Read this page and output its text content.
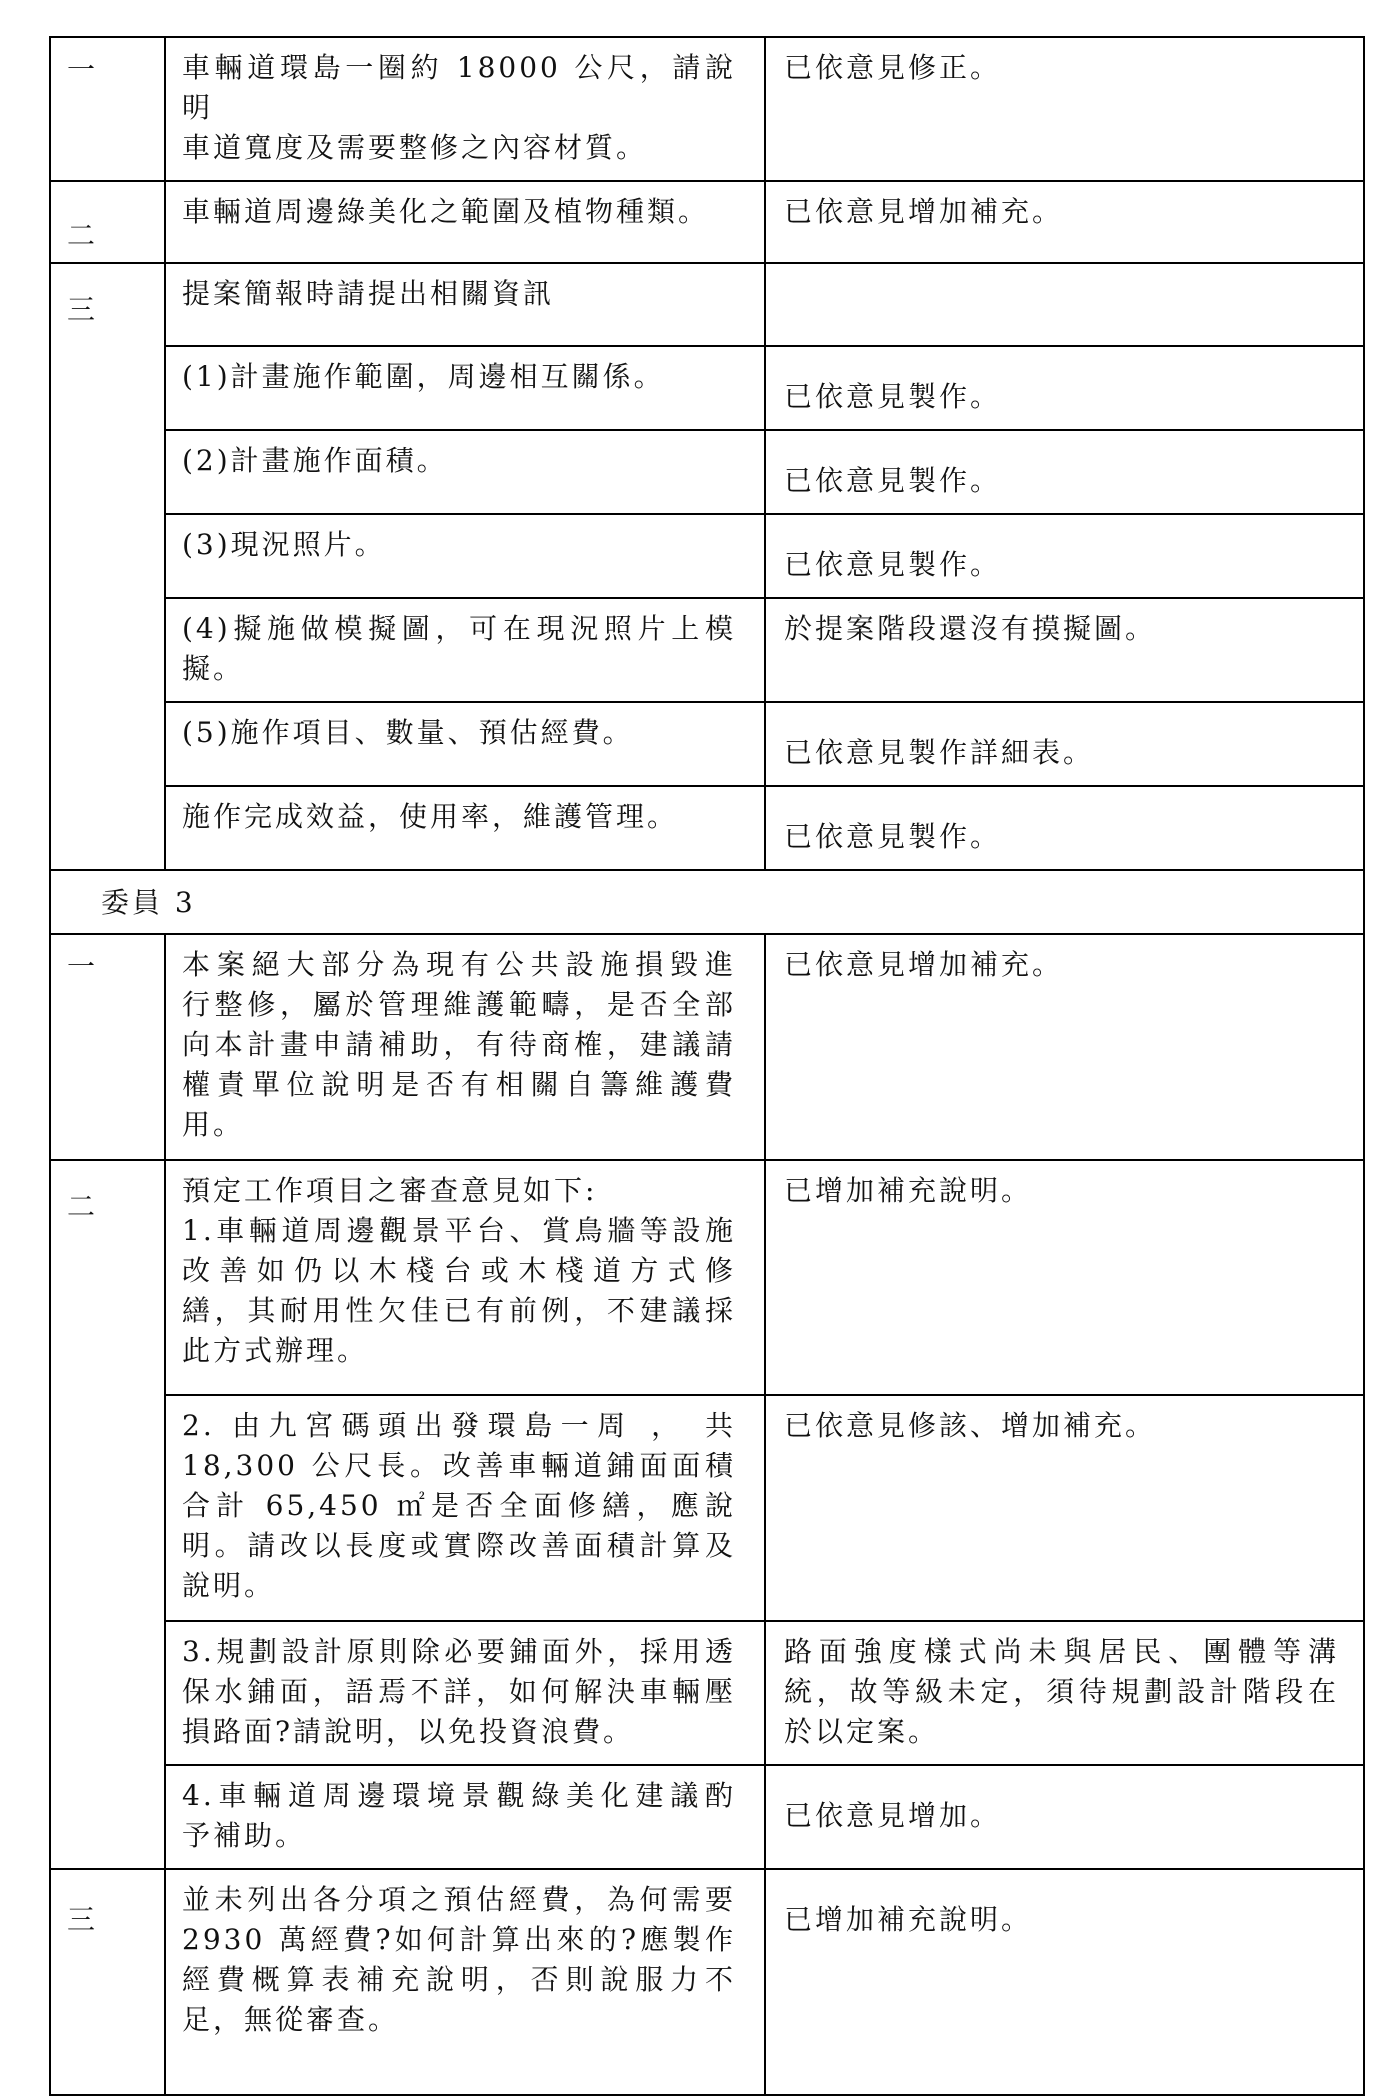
一	車輛道環島一圈約 18000 公尺，請說明
車道寬度及需要整修之內容材質。	已依意見修正。

二	車輛道周邊綠美化之範圍及植物種類。	已依意見增加補充。

三	提案簡報時請提出相關資訊	

	(1)計畫施作範圍，周邊相互關係。	已依意見製作。

	(2)計畫施作面積。	已依意見製作。

	(3)現況照片。	已依意見製作。

	(4)擬施做模擬圖，可在現況照片上模
擬。	於提案階段還沒有摸擬圖。

	(5)施作項目、數量、預估經費。	已依意見製作詳細表。

	施作完成效益，使用率，維護管理。	已依意見製作。

委員 3		
一	本案絕大部分為現有公共設施損毀進
行整修，屬於管理維護範疇，是否全部
向本計畫申請補助，有待商榷，建議請
權責單位說明是否有相關自籌維護費
用。	已依意見增加補充。

二	預定工作項目之審查意見如下:
1.車輛道周邊觀景平台、賞鳥牆等設施
改善如仍以木棧台或木棧道方式修
繕，其耐用性欠佳已有前例，不建議採
此方式辦理。	已增加補充說明。

	2. 由九宮碼頭出發環島一周 ， 共
18,300 公尺長。改善車輛道鋪面面積
合計 65,450 ㎡是否全面修繕，應說
明。請改以長度或實際改善面積計算及
說明。	已依意見修該、增加補充。

	3.規劃設計原則除必要鋪面外，採用透
保水鋪面，語焉不詳，如何解決車輛壓
損路面?請說明，以免投資浪費。	路面強度樣式尚未與居民、團體等溝
統，故等級未定，須待規劃設計階段在
於以定案。

	4.車輛道周邊環境景觀綠美化建議酌
予補助。	已依意見增加。

三	並未列出各分項之預估經費，為何需要
2930 萬經費?如何計算出來的?應製作
經費概算表補充說明，否則說服力不
足，無從審查。	已增加補充說明。
